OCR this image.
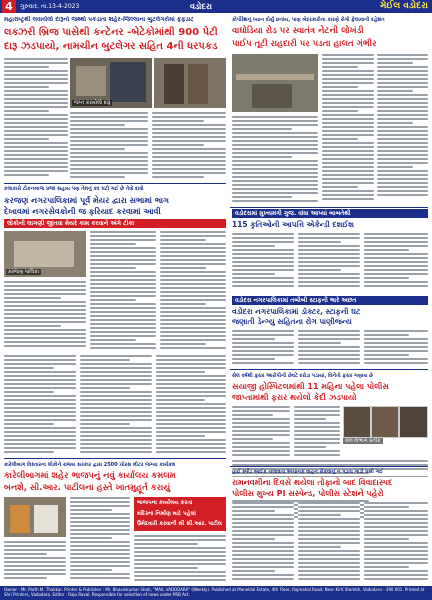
4	ગુરુવાર, તા.13-4-2023	વડોદરા	મેઈલ વડોદરા
મહારાષ્ટ્રથી લવાયેલો દારૂનો જથ્થો પકડાતા શહેર-જિલ્લાના બુટલેગરોમાં ફફડાટ
લક્ઝરી બ્રિજ પાસેથી કન્ટેનર -બેટેકોમાંથી 900 પેટી
દારૂ ઝડપાયો, નામચીન બુટલેગર સહિત 4ની ધરપકડ
જપ્ત કરાયેલો દારૂ
કોર્પોરેશનું ધ્યાન દોર્યું છતાંય, પાણ બેદરકારીના કારણે રોગો ફેલાવાની દહેશત
વાઘોડિયા રોડ પર સ્વાતંત્ર નેટની લોખંડી
પાઈપ તૂટી રાહદારી પર પડતા હાલત ગંભીર
કલાકારો ટોકનબાજ પ્રજા સહાય પણ તેમનું કદ ઘટી ગઈ છે તેવો દાવો
કરજણ નગરપાલિકામાં પૂર્વ મેયર દ્વારા સભામાં ભાગ
દેખાવમાં નગરસેવકોની જ ફરિયાદ કરવામાં આવી
લોકોની લાગણી જીતવા મેયરે કામ કરવાને અંગે ટીકા
કરજણ પાલિકા
વડોદરામાં મુખ્યમંત્રી ગુજ. વાંધા આપ્યાં બાબતેથી
115 કૃતિઓની આપત્તિ એકેન્ડી દશઈશ
વડોદરા નગરપાલિકામાં તબીબી સ્ટાફની ભારે અછત
વડોદરા નગરપાલિકામાં ડૉક્ટર, સ્ટાફની ઘટ
જણાતી ડેન્ગ્યુ સહિતના રોગ પાણીજન્ય
સેલ વર્ષથી ફરાર આરોપીની છેવટે દરોડા પડાયાં, વિનેતો ફરાર ગણાય છે
સયાજી હોસ્પિટલમાંથી 11 મહિના પહેલા પોલીસ
જાપ્તામાંથી ફરાર થયેલો કેદી ઝડપાયો
સેલ વિભાગ પ્રતીક
હાઈ સ્પીડ બાઈક ચલાવતા અચાનક વાહન રોકવાનું ન પડતા ગાડી ધસી ગઈ
રામનવમીના દિવસે થયેલા તોફાનો બાદ વિવાદાસ્પદ
પોલીસ મુખ્ય PI સસ્પેન્ડ, પોલીસ સ્ટેશને પહેરો
કારેલીબાગ વિસ્તારના લોકોને રાજ્ય સરકાર દ્વારા 2500 ચોરસ મીટર જગ્યા કાર્યક્રમ
કારેલીબાગમાં શહેર ભાજપનું નવું કાર્યાલય કમલમ
બનશે, સી.આર. પાટીલના હસ્તે ખાતમુહૂર્ત કરાયું
ભાજપના કાર્યાલય કરતા
મંદિરના નિર્માણ માટે પહેલાં
ઉમેદવારી કરવાની શ્રી સી.આર. પાટીલ
Owner : Mr. Parth M. Thakkar. Printer & Publisher : Mr. Bhavinkumar Shah, "MAIL VADODARA" (Weekly). Published at Maneklal Estate, 4th Floor, Rajmahal Road, Near Kirti Stambh, Vadodara - 390 001. Printed at Shri Printers, Vadodara. Editor : Raju Raval. Responsible for selection of news under PRB Act.
